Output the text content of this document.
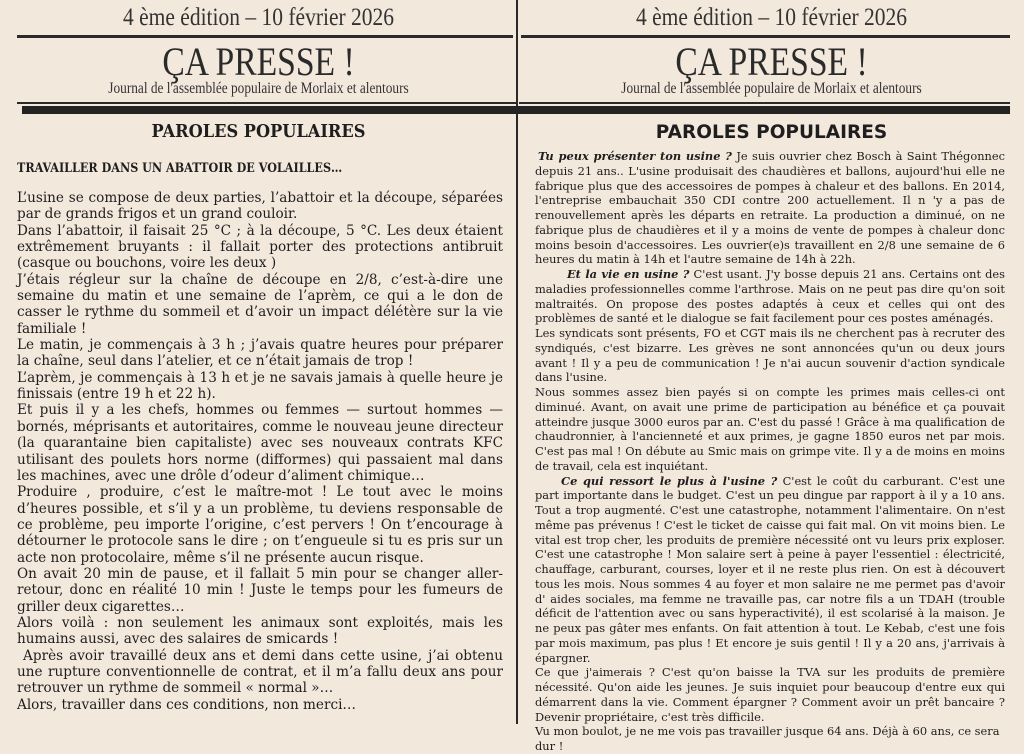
4 ème édition – 10 février 2026
ÇA PRESSE !
Journal de l'assemblée populaire de Morlaix et alentours
PAROLES POPULAIRES
TRAVAILLER DANS UN ABATTOIR DE VOLAILLES…

L’usine se compose de deux parties, l’abattoir et la découpe, séparées par de grands frigos et un grand couloir.

Dans l’abattoir, il faisait 25 °C ; à la découpe, 5 °C. Les deux étaient extrêmement bruyants : il fallait porter des protections antibruit (casque ou bouchons, voire les deux )

J’étais régleur sur la chaîne de découpe en 2/8, c’est-à-dire une semaine du matin et une semaine de l’aprèm, ce qui a le don de casser le rythme du sommeil et d’avoir un impact délétère sur la vie familiale !

Le matin, je commençais à 3 h ; j’avais quatre heures pour préparer la chaîne, seul dans l’atelier, et ce n’était jamais de trop !

L’aprèm, je commençais à 13 h et je ne savais jamais à quelle heure je finissais (entre 19 h et 22 h).

Et puis il y a les chefs, hommes ou femmes — surtout hommes — bornés, méprisants et autoritaires, comme le nouveau jeune directeur (la quarantaine bien capitaliste) avec ses nouveaux contrats KFC utilisant des poulets hors norme (difformes) qui passaient mal dans les machines, avec une drôle d’odeur d’aliment chimique…

Produire , produire, c’est le maître-mot ! Le tout avec le moins d’heures possible, et s’il y a un problème, tu deviens responsable de ce problème, peu importe l’origine, c’est pervers ! On t’encourage à détourner le protocole sans le dire ; on t’engueule si tu es pris sur un acte non protocolaire, même s’il ne présente aucun risque.

On avait 20 min de pause, et il fallait 5 min pour se changer aller-retour, donc en réalité 10 min ! Juste le temps pour les fumeurs de griller deux cigarettes…

Alors voilà : non seulement les animaux sont exploités, mais les humains aussi, avec des salaires de smicards !

Après avoir travaillé deux ans et demi dans cette usine, j’ai obtenu une rupture conventionnelle de contrat, et il m’a fallu deux ans pour retrouver un rythme de sommeil « normal »…

Alors, travailler dans ces conditions, non merci…

4 ème édition – 10 février 2026
ÇA PRESSE !
Journal de l'assemblée populaire de Morlaix et alentours
PAROLES POPULAIRES

Tu peux présenter ton usine ? Je suis ouvrier chez Bosch à Saint Thégonnec depuis 21 ans.. L'usine produisait des chaudières et ballons, aujourd'hui elle ne fabrique plus que des accessoires de pompes à chaleur et des ballons. En 2014, l'entreprise embauchait 350 CDI contre 200 actuellement. Il n 'y a pas de renouvellement après les départs en retraite. La production a diminué, on ne fabrique plus de chaudières et il y a moins de vente de pompes à chaleur donc moins besoin d'accessoires. Les ouvrier(e)s travaillent en 2/8 une semaine de 6 heures du matin à 14h et l'autre semaine de 14h à 22h.

Et la vie en usine ? C'est usant. J'y bosse depuis 21 ans. Certains ont des maladies professionnelles comme l'arthrose. Mais on ne peut pas dire qu'on soit maltraités. On propose des postes adaptés à ceux et celles qui ont des problèmes de santé et le dialogue se fait facilement pour ces postes aménagés.

Les syndicats sont présents, FO et CGT mais ils ne cherchent pas à recruter des syndiqués, c'est bizarre. Les grèves ne sont annoncées qu'un ou deux jours avant ! Il y a peu de communication ! Je n'ai aucun souvenir d'action syndicale dans l'usine.

Nous sommes assez bien payés si on compte les primes mais celles-ci ont diminué. Avant, on avait une prime de participation au bénéfice et ça pouvait atteindre jusque 3000 euros par an. C'est du passé ! Grâce à ma qualification de chaudronnier, à l'ancienneté et aux primes, je gagne 1850 euros net par mois. C'est pas mal ! On débute au Smic mais on grimpe vite. Il y a de moins en moins de travail, cela est inquiétant.

Ce qui ressort le plus à l'usine ? C'est le coût du carburant. C'est une part importante dans le budget. C'est un peu dingue par rapport à il y a 10 ans. Tout a trop augmenté. C'est une catastrophe, notamment l'alimentaire. On n'est même pas prévenus ! C'est le ticket de caisse qui fait mal. On vit moins bien. Le vital est trop cher, les produits de première nécessité ont vu leurs prix exploser. C'est une catastrophe ! Mon salaire sert à peine à payer l'essentiel : électricité, chauffage, carburant, courses, loyer et il ne reste plus rien. On est à découvert tous les mois. Nous sommes 4 au foyer et mon salaire ne me permet pas d'avoir d' aides sociales, ma femme ne travaille pas, car notre fils a un TDAH (trouble déficit de l'attention avec ou sans hyperactivité), il est scolarisé à la maison. Je ne peux pas gâter mes enfants. On fait attention à tout. Le Kebab, c'est une fois par mois maximum, pas plus ! Et encore je suis gentil ! Il y a 20 ans, j'arrivais à épargner.

Ce que j'aimerais ? C'est qu'on baisse la TVA sur les produits de première nécessité. Qu'on aide les jeunes. Je suis inquiet pour beaucoup d'entre eux qui démarrent dans la vie. Comment épargner ? Comment avoir un prêt bancaire ? Devenir propriétaire, c'est très difficile.

Vu mon boulot, je ne me vois pas travailler jusque 64 ans. Déjà à 60 ans, ce sera dur !
